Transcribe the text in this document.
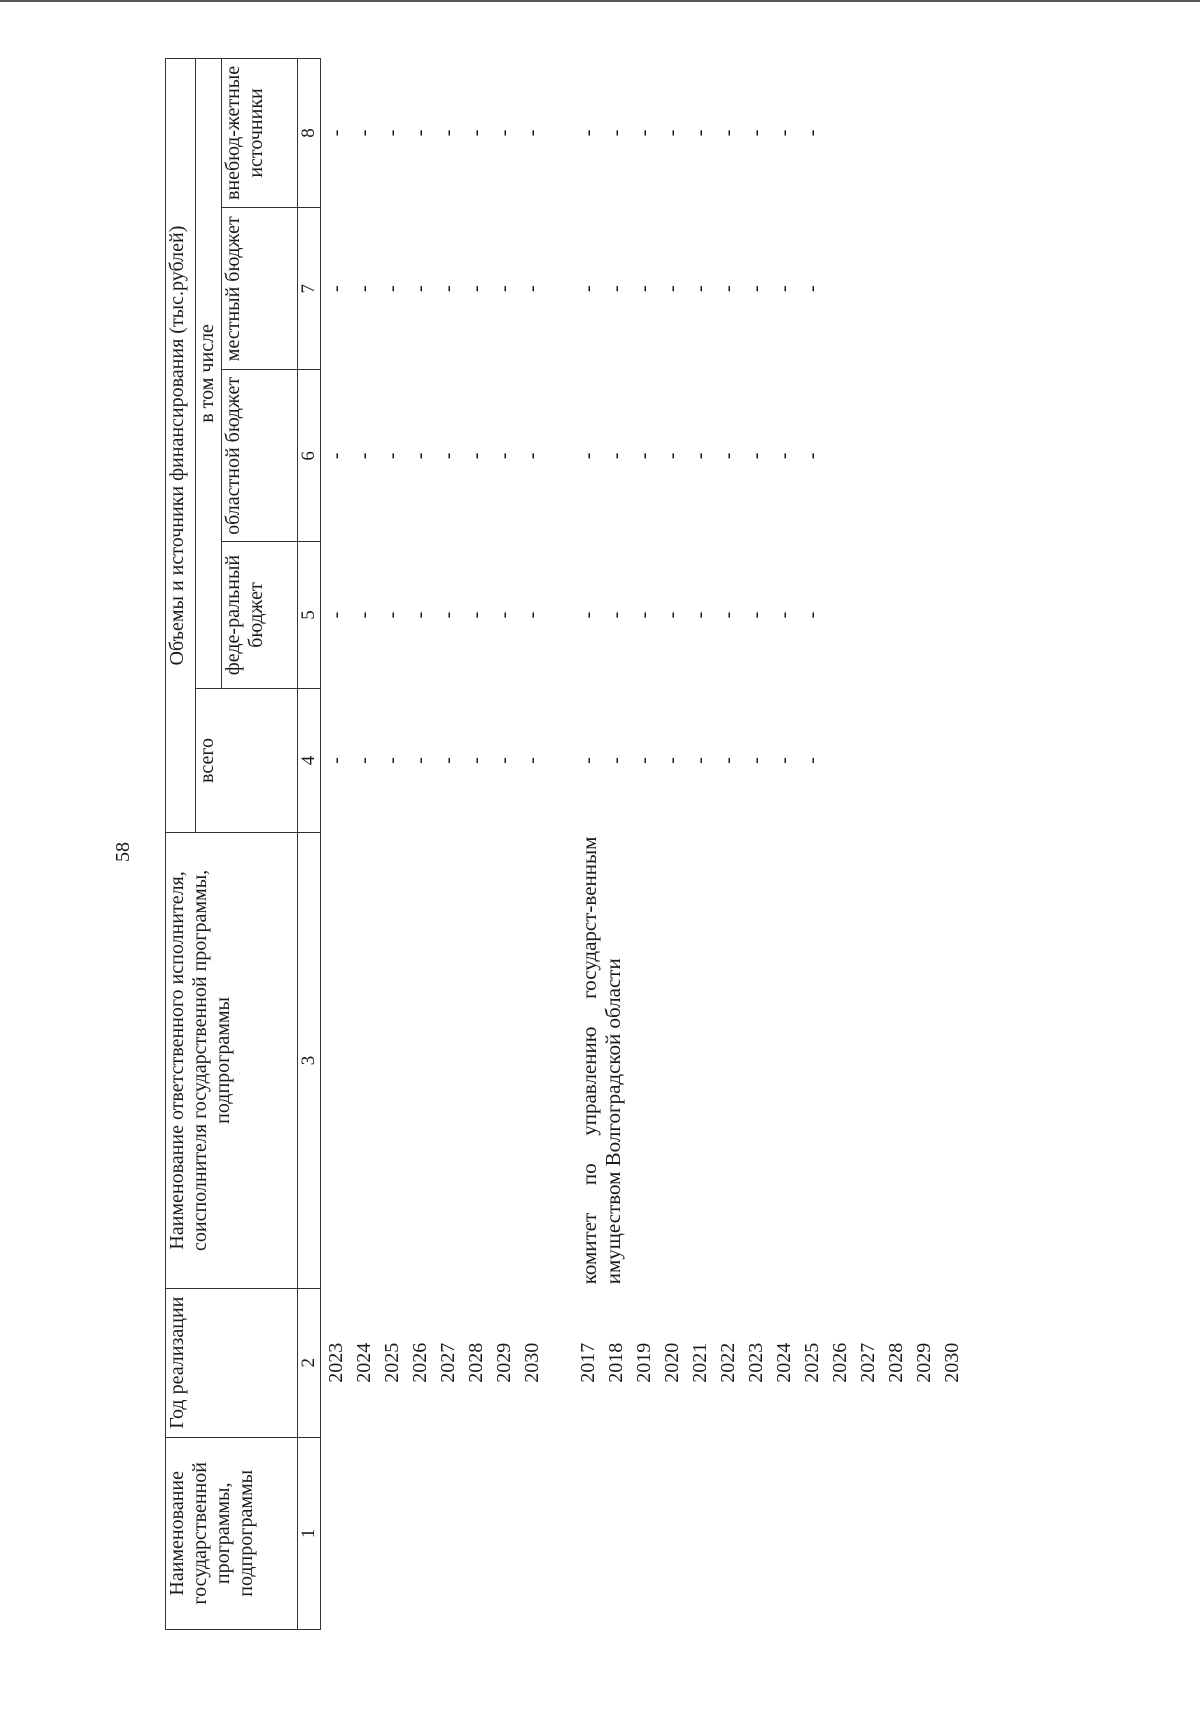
58
Наименование государственной программы, подпрограммы	Год реализации	Наименование ответственного исполнителя, соисполнителя государственной программы, подпрограммы	Объемы и источники финансирования (тыс.рублей)				
			всего	в том числе			
				феде-ральный бюджет	областной бюджет	местный бюджет	внебюд-жетные источники
1	2	3	4	5	6	7	8

	2023		-	-	-	-	-
	2024		-	-	-	-	-
	2025		-	-	-	-	-
	2026		-	-	-	-	-
	2027		-	-	-	-	-
	2028		-	-	-	-	-
	2029		-	-	-	-	-
	2030		-	-	-	-	-

	2017	комитет по управлению государст-венным имуществом Волгоградской области	-	-	-	-	-
	2018		-	-	-	-	-
	2019		-	-	-	-	-
	2020		-	-	-	-	-
	2021		-	-	-	-	-
	2022		-	-	-	-	-
	2023		-	-	-	-	-
	2024		-	-	-	-	-
	2025		-	-	-	-	-
	2026						
	2027						
	2028						
	2029						
	2030						
